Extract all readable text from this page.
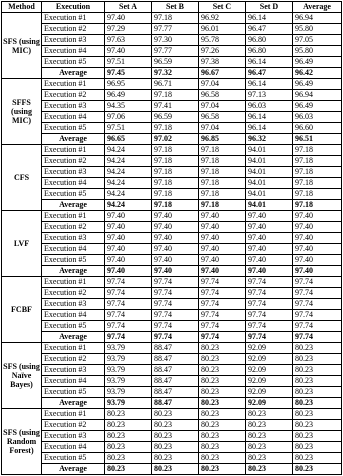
Method	Execution	Set A	Set B	Set C	Set D	Average	
SFS (using MIC)	Execution #1	97.40	97.18	96.92	96.14	96.94	
	Execution #2	97.29	97.77	96.01	96.47	95.80	
	Execution #3	97.63	97.30	95.78	96.80	97.05	
	Execution #4	97.40	97.77	97.26	96.80	95.80	
	Execution #5	97.51	96.59	97.38	96.14	96.49	
	Average	97.45	97.32	96.67	96.47	96.42	
SFFS (using MIC)	Execution #1	96.95	96.71	97.04	96.14	96.49	
	Execution #2	96.49	97.18	96.58	97.13	96.94	
	Execution #3	94.35	97.41	97.04	96.03	96.49	
	Execution #4	97.06	96.59	96.58	96.14	96.03	
	Execution #5	97.51	97.18	97.04	96.14	96.60	
	Average	96.65	97.02	96.85	96.32	96.51	
CFS	Execution #1	94.24	97.18	97.18	94.01	97.18	
	Execution #2	94.24	97.18	97.18	94.01	97.18	
	Execution #3	94.24	97.18	97.18	94.01	97.18	
	Execution #4	94.24	97.18	97.18	94.01	97.18	
	Execution #5	94.24	97.18	97.18	94.01	97.18	
	Average	94.24	97.18	97.18	94.01	97.18	
LVF	Execution #1	97.40	97.40	97.40	97.40	97.40	
	Execution #2	97.40	97.40	97.40	97.40	97.40	
	Execution #3	97.40	97.40	97.40	97.40	97.40	
	Execution #4	97.40	97.40	97.40	97.40	97.40	
	Execution #5	97.40	97.40	97.40	97.40	97.40	
	Average	97.40	97.40	97.40	97.40	97.40	
FCBF	Execution #1	97.74	97.74	97.74	97.74	97.74	
	Execution #2	97.74	97.74	97.74	97.74	97.74	
	Execution #3	97.74	97.74	97.74	97.74	97.74	
	Execution #4	97.74	97.74	97.74	97.74	97.74	
	Execution #5	97.74	97.74	97.74	97.74	97.74	
	Average	97.74	97.74	97.74	97.74	97.74	
SFS (using Naïve Bayes)	Execution #1	93.79	88.47	80.23	92.09	80.23	
	Execution #2	93.79	88.47	80.23	92.09	80.23	
	Execution #3	93.79	88.47	80.23	92.09	80.23	
	Execution #4	93.79	88.47	80.23	92.09	80.23	
	Execution #5	93.79	88.47	80.23	92.09	80.23	
	Average	93.79	88.47	80.23	92.09	80.23	
SFS (using Random Forest)	Execution #1	80.23	80.23	80.23	80.23	80.23	
	Execution #2	80.23	80.23	80.23	80.23	80.23	
	Execution #3	80.23	80.23	80.23	80.23	80.23	
	Execution #4	80.23	80.23	80.23	80.23	80.23	
	Execution #5	80.23	80.23	80.23	80.23	80.23	
	Average	80.23	80.23	80.23	80.23	80.23	
